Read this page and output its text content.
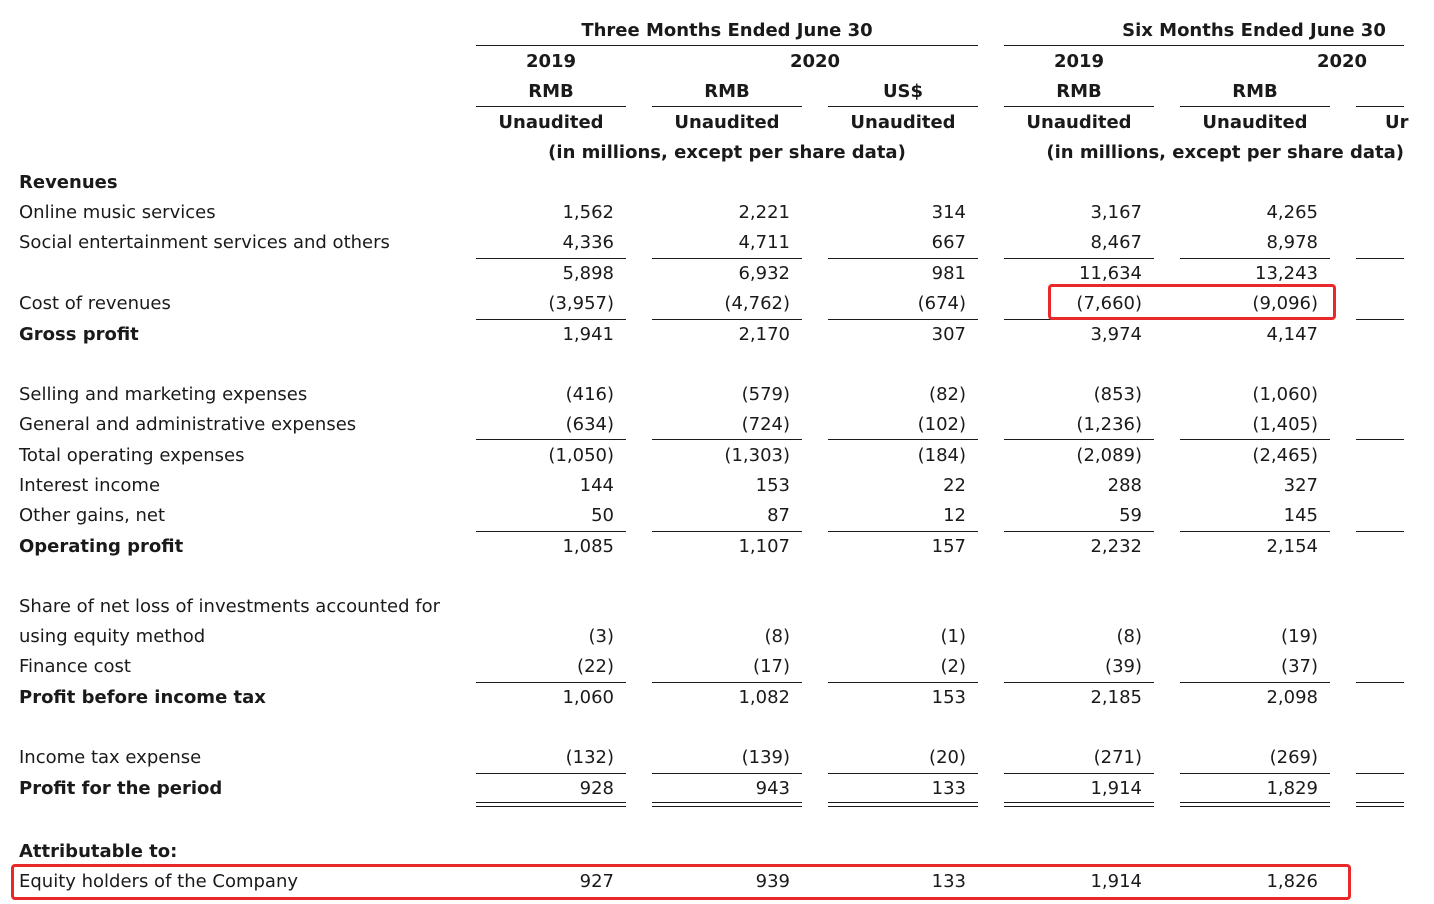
Three Months Ended June 30	Six Months Ended June 30
2019	2020	2019	2020
RMB	RMB	US$	RMB	RMB
Unaudited	Unaudited	Unaudited	Unaudited	Unaudited	Ur
(in millions, except per share data)	(in millions, except per share data)
Revenues
Online music services	1,562	2,221	314	3,167	4,265
Social entertainment services and others	4,336	4,711	667	8,467	8,978
5,898	6,932	981	11,634	13,243
Cost of revenues	(3,957)	(4,762)	(674)	(7,660)	(9,096)
Gross profit	1,941	2,170	307	3,974	4,147
Selling and marketing expenses	(416)	(579)	(82)	(853)	(1,060)
General and administrative expenses	(634)	(724)	(102)	(1,236)	(1,405)
Total operating expenses	(1,050)	(1,303)	(184)	(2,089)	(2,465)
Interest income	144	153	22	288	327
Other gains, net	50	87	12	59	145
Operating profit	1,085	1,107	157	2,232	2,154
Share of net loss of investments accounted for
using equity method	(3)	(8)	(1)	(8)	(19)
Finance cost	(22)	(17)	(2)	(39)	(37)
Profit before income tax	1,060	1,082	153	2,185	2,098
Income tax expense	(132)	(139)	(20)	(271)	(269)
Profit for the period	928	943	133	1,914	1,829
Attributable to:
Equity holders of the Company	927	939	133	1,914	1,826
